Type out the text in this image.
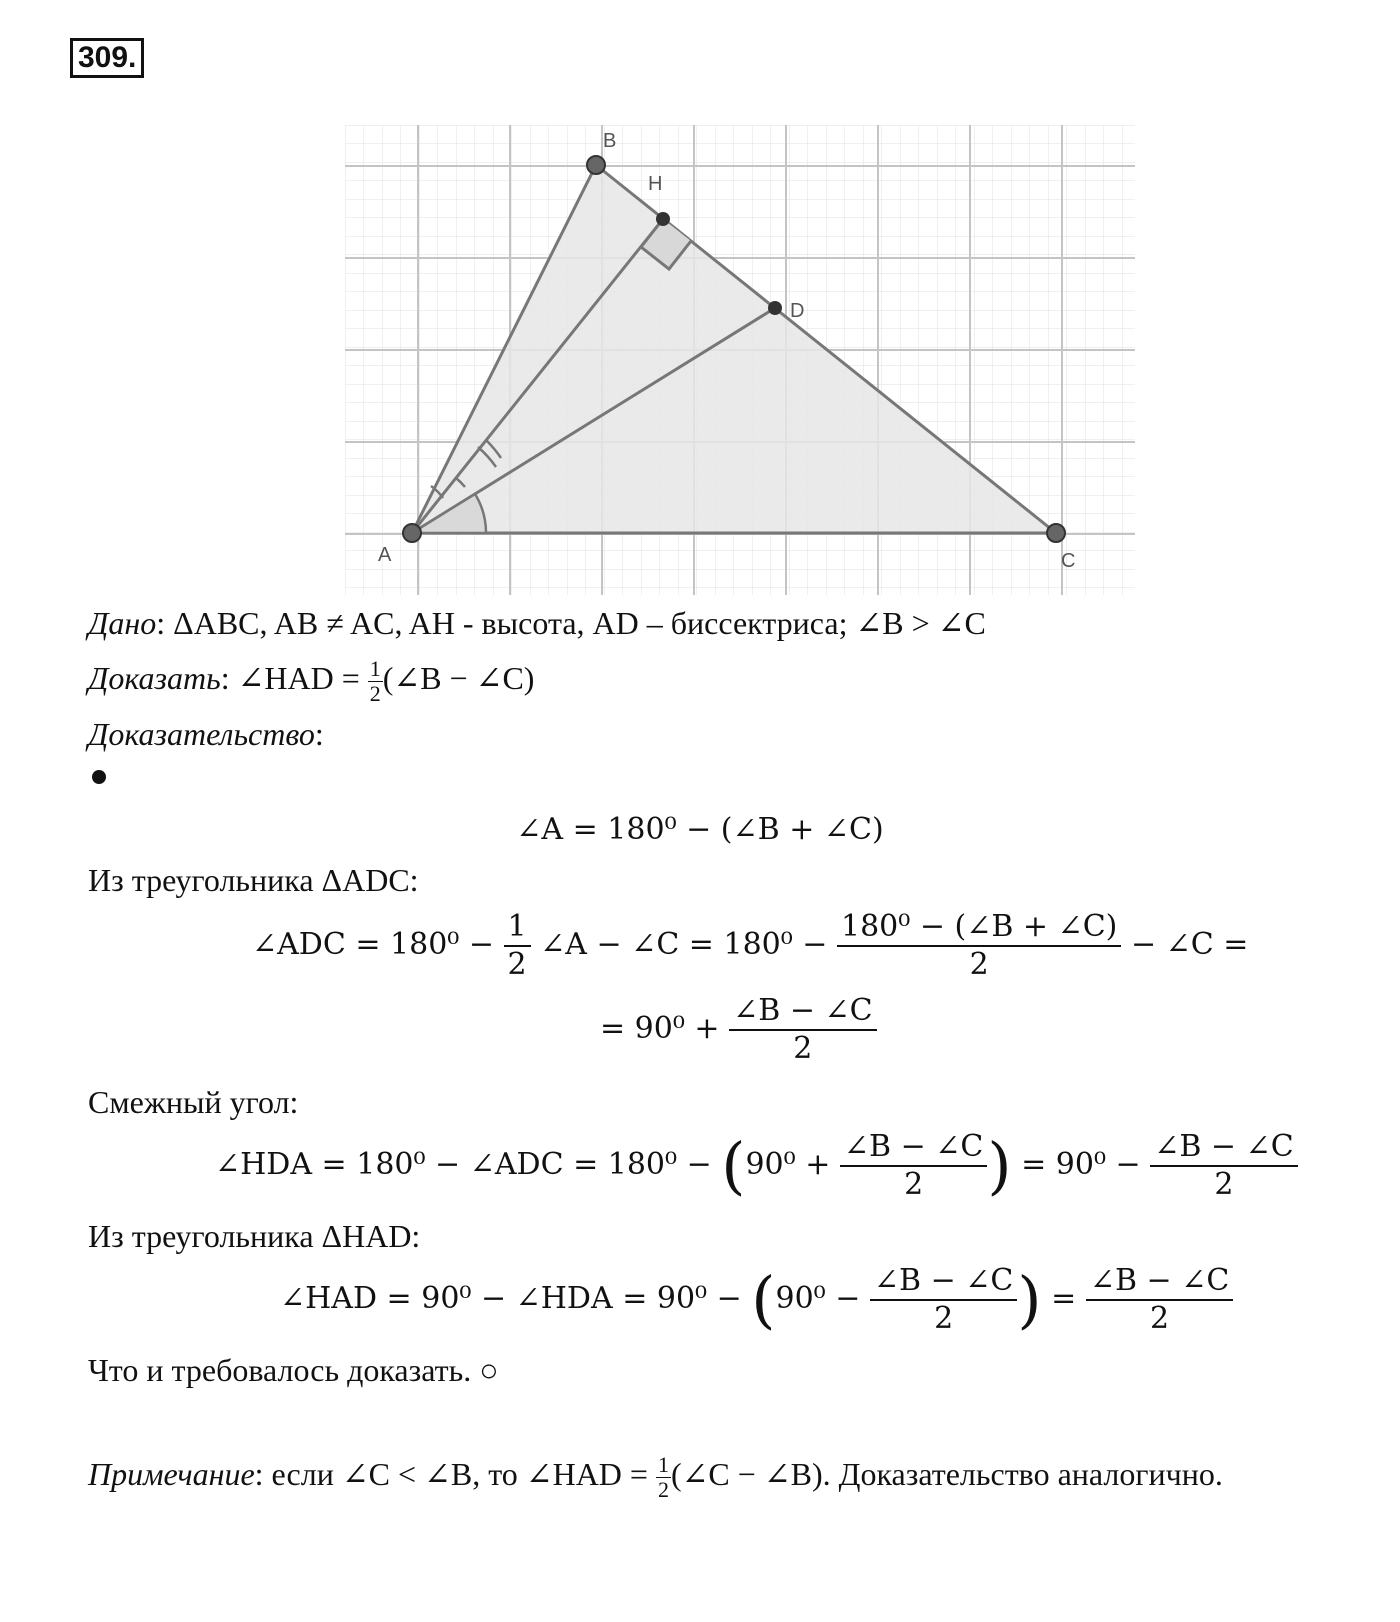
309.
A
B
H
D
C
Дано: ΔABC, AB ≠ AC, AH - высота, AD – биссектриса; ∠B > ∠C
Доказать: ∠HAD = $\frac{1}{2}$ (∠B − ∠C)
Доказательство:
∠A = 180⁰ − (∠B + ∠C)
Из треугольника ΔADC:
∠ADC = $180^0 - \frac{1}{2}$ ∠A − ∠C = $180^0 - \frac{\text{180⁰ − (∠B + ∠C)}}{2}$ − ∠C =
= $90^0 + \frac{\angle B - \angle C}{2}$
Смежный угол:
∠HDA = 180⁰ − ∠ADC = $180^0 - (90^0 + \frac{\angle B - \angle C}{2}$ ) = $90^0 - \frac{\angle B - \angle C}{2}$
Из треугольника ΔHAD:
∠HAD = 90⁰ − ∠HDA = $90^0 - (90^0 - \frac{\angle B - \angle C}{2}$ ) = $\frac{\angle B - \angle C}{2}$
Что и требовалось доказать. ○
Примечание: если ∠C < ∠B, то ∠HAD = $\frac{1}{2}$ (∠C − ∠B). Доказательство аналогично.
